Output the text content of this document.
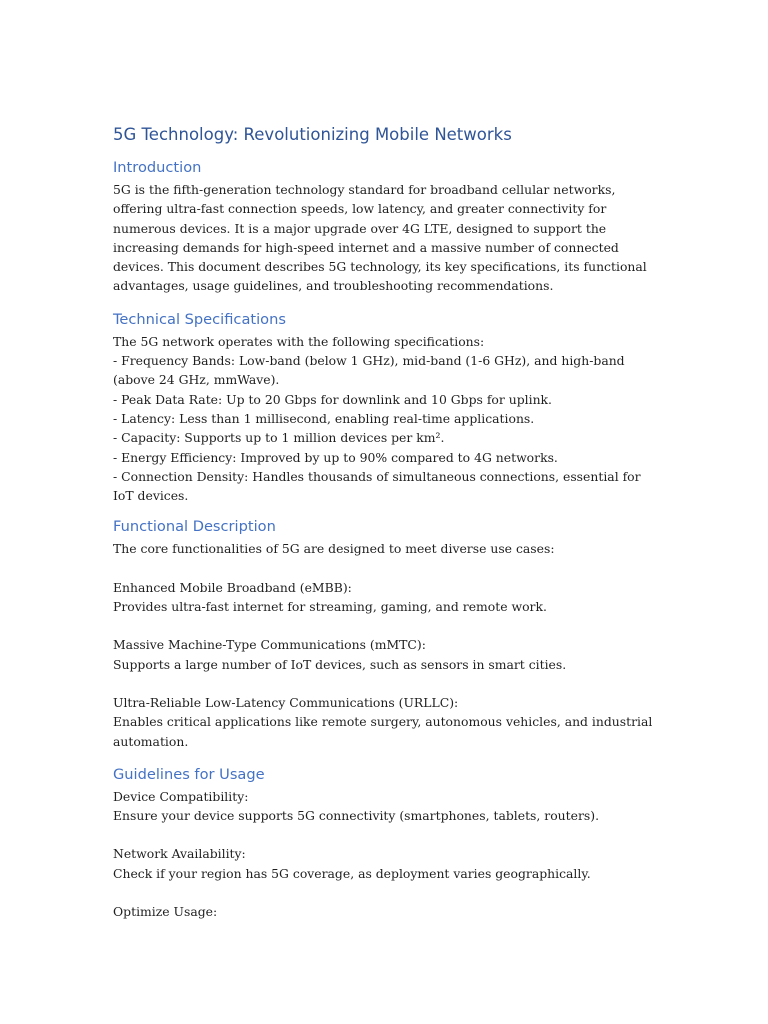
5G Technology: Revolutionizing Mobile Networks
Introduction

5G is the fifth-generation technology standard for broadband cellular networks, offering ultra-fast connection speeds, low latency, and greater connectivity for numerous devices. It is a major upgrade over 4G LTE, designed to support the increasing demands for high-speed internet and a massive number of connected devices. This document describes 5G technology, its key specifications, its functional advantages, usage guidelines, and troubleshooting recommendations.

Technical Specifications

The 5G network operates with the following specifications:

- Frequency Bands: Low-band (below 1 GHz), mid-band (1-6 GHz), and high-band (above 24 GHz, mmWave).
- Peak Data Rate: Up to 20 Gbps for downlink and 10 Gbps for uplink.
- Latency: Less than 1 millisecond, enabling real-time applications.
- Capacity: Supports up to 1 million devices per km².
- Energy Efficiency: Improved by up to 90% compared to 4G networks.
- Connection Density: Handles thousands of simultaneous connections, essential for IoT devices.
Functional Description

The core functionalities of 5G are designed to meet diverse use cases:

Enhanced Mobile Broadband (eMBB):

Provides ultra-fast internet for streaming, gaming, and remote work.

Massive Machine-Type Communications (mMTC):

Supports a large number of IoT devices, such as sensors in smart cities.

Ultra-Reliable Low-Latency Communications (URLLC):

Enables critical applications like remote surgery, autonomous vehicles, and industrial automation.

Guidelines for Usage

Device Compatibility:

Ensure your device supports 5G connectivity (smartphones, tablets, routers).

Network Availability:

Check if your region has 5G coverage, as deployment varies geographically.

Optimize Usage:
